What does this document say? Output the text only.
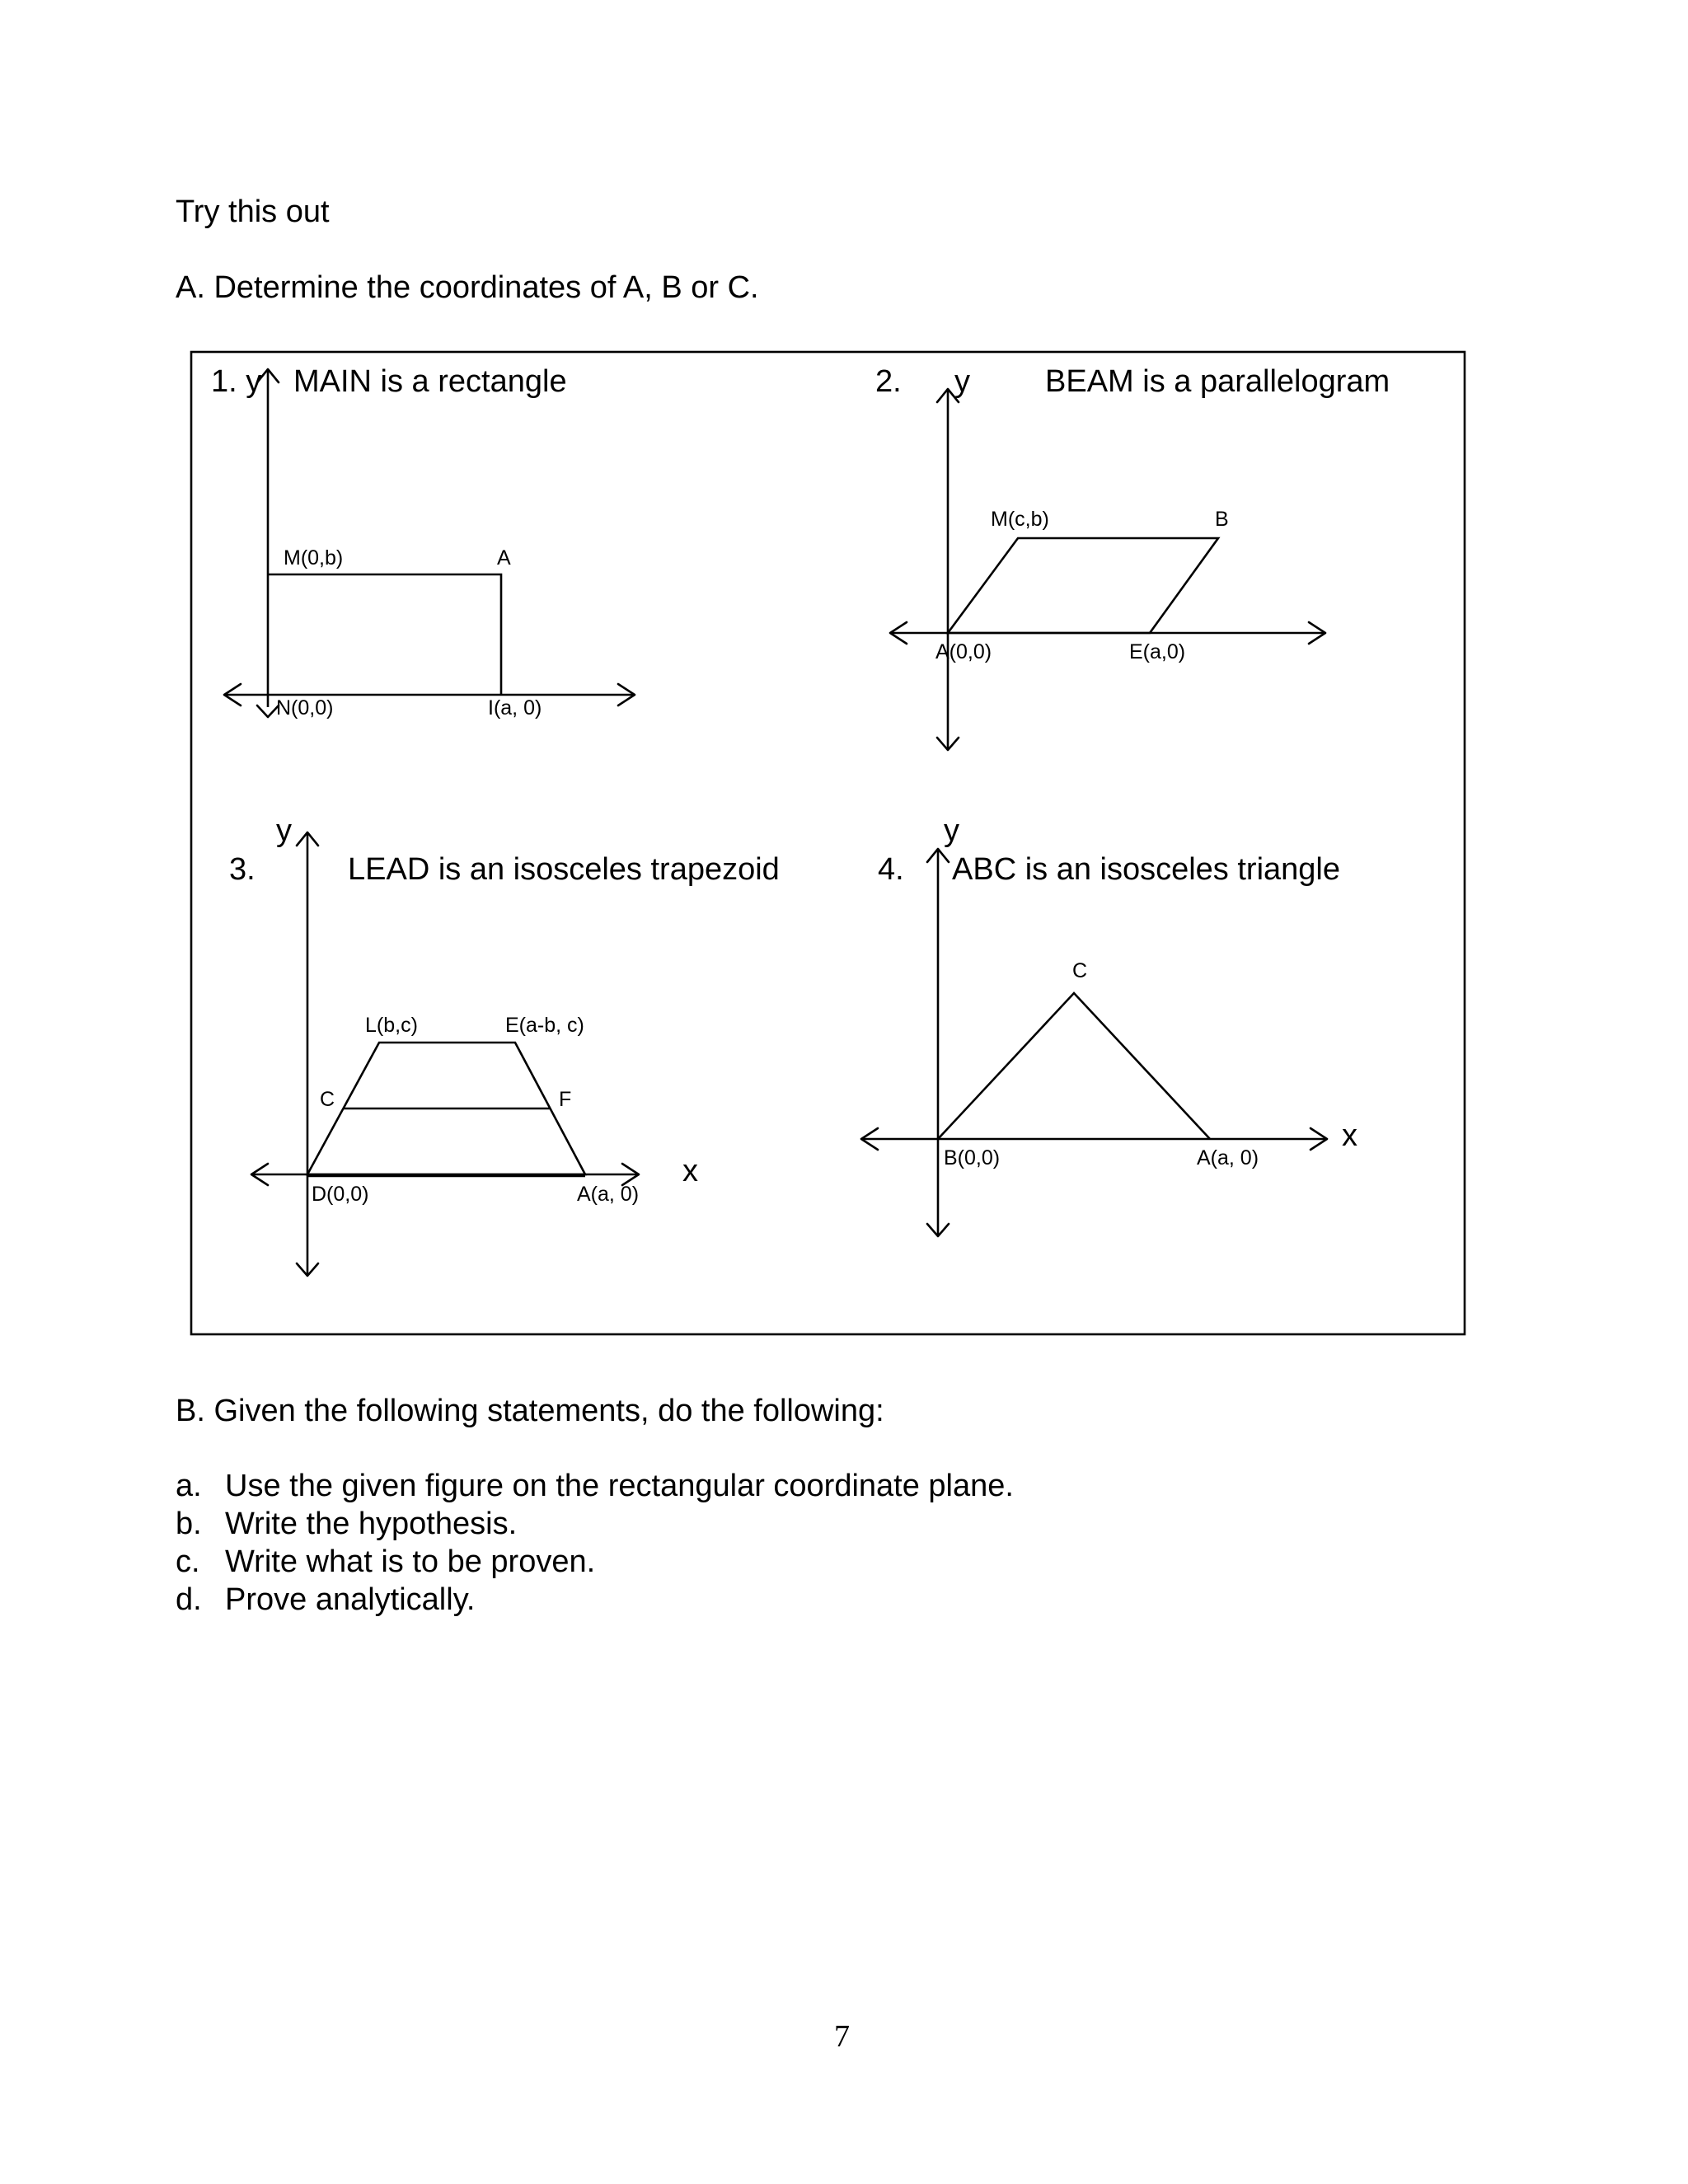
Try this out
A. Determine the coordinates of A, B or C.
1. y MAIN is a rectangle
M(0,b)	A
N(0,0)	I(a, 0)
2. y BEAM is a parallelogram
M(c,b)	B
A(0,0)	E(a,0)
y
3.	LEAD is an isosceles trapezoid
x
L(b,c)	E(a-b, c)
C	F
D(0,0)	A(a, 0)
y
4. ABC is an isosceles triangle
x
C
B(0,0)	A(a, 0)
B. Given the following statements, do the following:
a. Use the given figure on the rectangular coordinate plane.
b. Write the hypothesis.
c. Write what is to be proven.
d. Prove analytically.
7
